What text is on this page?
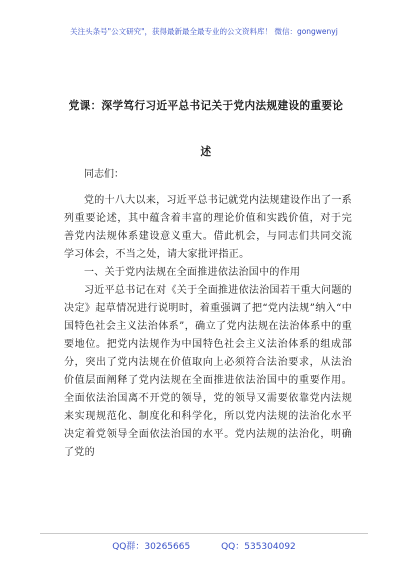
关注头条号"公文研究"，获得最新最全最专业的公文资料库！ 微信：gongwenyj
党课：深学笃行习近平总书记关于党内法规建设的重要论
述

同志们：

党的十八大以来，习近平总书记就党内法规建设作出了一系列重要论述，其中蕴含着丰富的理论价值和实践价值，对于完善党内法规体系建设意义重大。借此机会，与同志们共同交流学习体会，不当之处，请大家批评指正。

一、关于党内法规在全面推进依法治国中的作用

习近平总书记在对《关于全面推进依法治国若干重大问题的决定》起草情况进行说明时，着重强调了把“党内法规”纳入“中国特色社会主义法治体系”，确立了党内法规在法治体系中的重要地位。把党内法规作为中国特色社会主义法治体系的组成部分，突出了党内法规在价值取向上必须符合法治要求，从法治价值层面阐释了党内法规在全面推进依法治国中的重要作用。全面依法治国离不开党的领导，党的领导又需要依靠党内法规来实现规范化、制度化和科学化，所以党内法规的法治化水平决定着党领导全面依法治国的水平。党内法规的法治化，明确了党的

QQ群：30265665	QQ：535304092
